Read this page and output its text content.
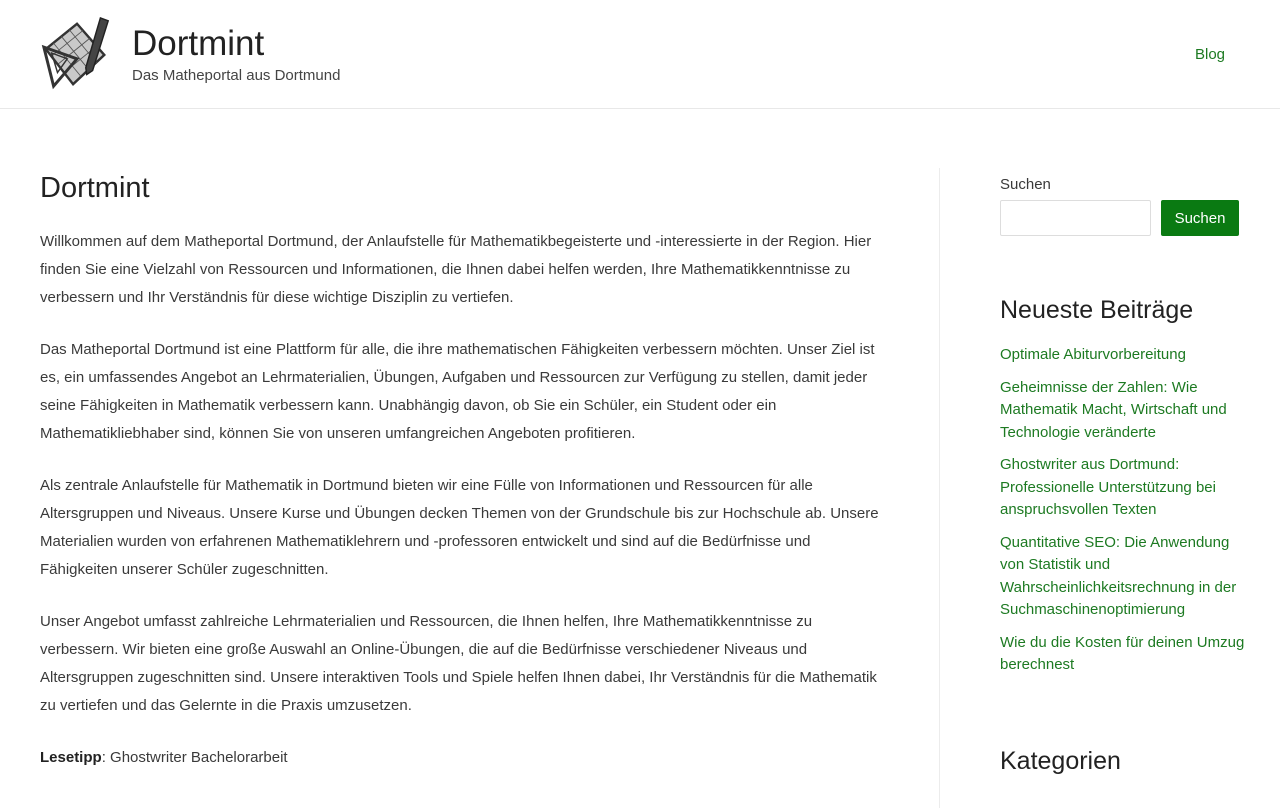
Dortmint
Das Matheportal aus Dortmund
Blog
Dortmint

Willkommen auf dem Matheportal Dortmund, der Anlaufstelle für Mathematikbegeisterte und -interessierte in der Region. Hier finden Sie eine Vielzahl von Ressourcen und Informationen, die Ihnen dabei helfen werden, Ihre Mathematikkenntnisse zu verbessern und Ihr Verständnis für diese wichtige Disziplin zu vertiefen.

Das Matheportal Dortmund ist eine Plattform für alle, die ihre mathematischen Fähigkeiten verbessern möchten. Unser Ziel ist es, ein umfassendes Angebot an Lehrmaterialien, Übungen, Aufgaben und Ressourcen zur Verfügung zu stellen, damit jeder seine Fähigkeiten in Mathematik verbessern kann. Unabhängig davon, ob Sie ein Schüler, ein Student oder ein Mathematikliebhaber sind, können Sie von unseren umfangreichen Angeboten profitieren.

Als zentrale Anlaufstelle für Mathematik in Dortmund bieten wir eine Fülle von Informationen und Ressourcen für alle Altersgruppen und Niveaus. Unsere Kurse und Übungen decken Themen von der Grundschule bis zur Hochschule ab. Unsere Materialien wurden von erfahrenen Mathematiklehrern und -professoren entwickelt und sind auf die Bedürfnisse und Fähigkeiten unserer Schüler zugeschnitten.

Unser Angebot umfasst zahlreiche Lehrmaterialien und Ressourcen, die Ihnen helfen, Ihre Mathematikkenntnisse zu verbessern. Wir bieten eine große Auswahl an Online-Übungen, die auf die Bedürfnisse verschiedener Niveaus und Altersgruppen zugeschnitten sind. Unsere interaktiven Tools und Spiele helfen Ihnen dabei, Ihr Verständnis für die Mathematik zu vertiefen und das Gelernte in die Praxis umzusetzen.

Lesetipp: Ghostwriter Bachelorarbeit
Suchen
Suchen
Neueste Beiträge
Optimale Abiturvorbereitung
Geheimnisse der Zahlen: Wie Mathematik Macht, Wirtschaft und Technologie veränderte
Ghostwriter aus Dortmund: Professionelle Unterstützung bei anspruchsvollen Texten
Quantitative SEO: Die Anwendung von Statistik und Wahrscheinlichkeitsrechnung in der Suchmaschinenoptimierung
Wie du die Kosten für deinen Umzug berechnest
Kategorien
